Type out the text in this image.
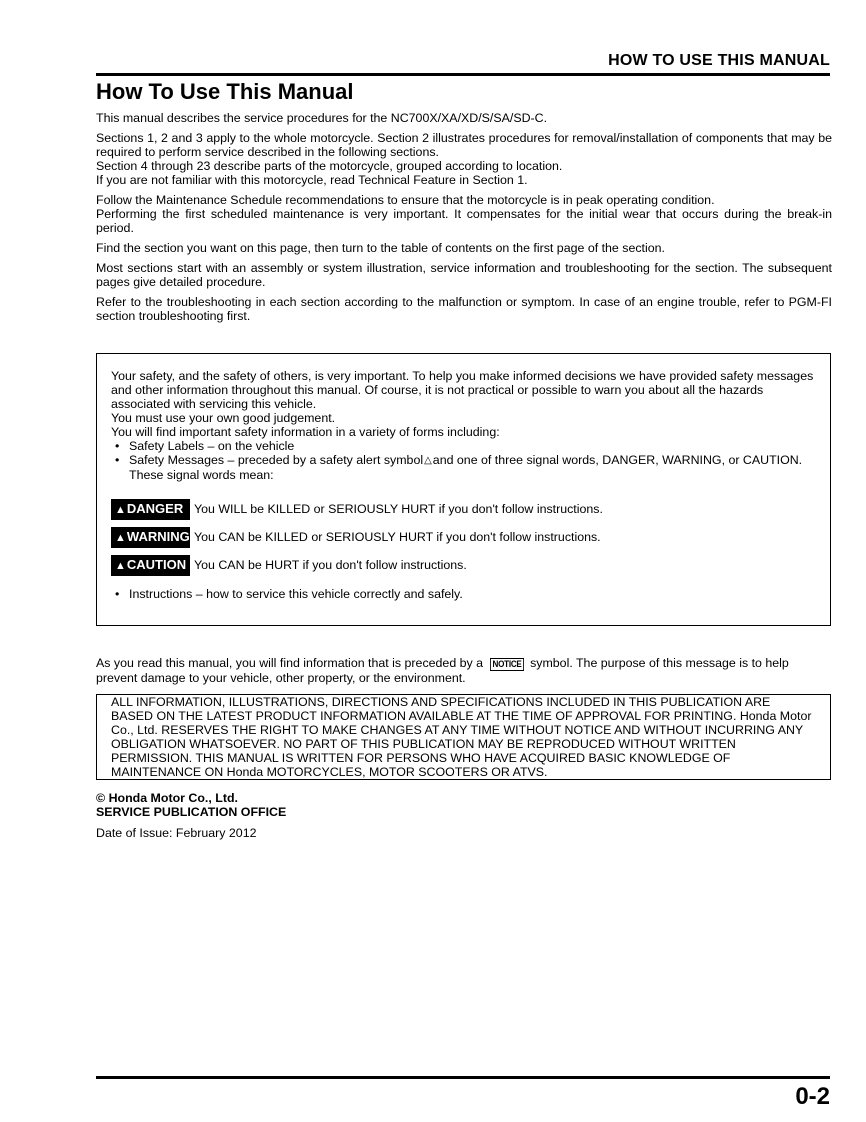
HOW TO USE THIS MANUAL
How To Use This Manual

This manual describes the service procedures for the NC700X/XA/XD/S/SA/SD-C.

Sections 1, 2 and 3 apply to the whole motorcycle. Section 2 illustrates procedures for removal/installation of components that may be required to perform service described in the following sections.
Section 4 through 23 describe parts of the motorcycle, grouped according to location.
If you are not familiar with this motorcycle, read Technical Feature in Section 1.

Follow the Maintenance Schedule recommendations to ensure that the motorcycle is in peak operating condition.
Performing the first scheduled maintenance is very important. It compensates for the initial wear that occurs during the break-in period.

Find the section you want on this page, then turn to the table of contents on the first page of the section.

Most sections start with an assembly or system illustration, service information and troubleshooting for the section. The subsequent pages give detailed procedure.

Refer to the troubleshooting in each section according to the malfunction or symptom. In case of an engine trouble, refer to PGM-FI section troubleshooting first.

Your safety, and the safety of others, is very important. To help you make informed decisions we have provided safety messages and other information throughout this manual. Of course, it is not practical or possible to warn you about all the hazards associated with servicing this vehicle.
You must use your own good judgement.
You will find important safety information in a variety of forms including:
• Safety Labels – on the vehicle
• Safety Messages – preceded by a safety alert symbol△and one of three signal words, DANGER, WARNING, or CAUTION. These signal words mean:
▲DANGER You WILL be KILLED or SERIOUSLY HURT if you don't follow instructions.
▲WARNING You CAN be KILLED or SERIOUSLY HURT if you don't follow instructions.
▲CAUTION You CAN be HURT if you don't follow instructions.
• Instructions – how to service this vehicle correctly and safely.
As you read this manual, you will find information that is preceded by a NOTICE symbol. The purpose of this message is to help prevent damage to your vehicle, other property, or the environment.
ALL INFORMATION, ILLUSTRATIONS, DIRECTIONS AND SPECIFICATIONS INCLUDED IN THIS PUBLICATION ARE BASED ON THE LATEST PRODUCT INFORMATION AVAILABLE AT THE TIME OF APPROVAL FOR PRINTING. Honda Motor Co., Ltd. RESERVES THE RIGHT TO MAKE CHANGES AT ANY TIME WITHOUT NOTICE AND WITHOUT INCURRING ANY OBLIGATION WHATSOEVER. NO PART OF THIS PUBLICATION MAY BE REPRODUCED WITHOUT WRITTEN PERMISSION. THIS MANUAL IS WRITTEN FOR PERSONS WHO HAVE ACQUIRED BASIC KNOWLEDGE OF MAINTENANCE ON Honda MOTORCYCLES, MOTOR SCOOTERS OR ATVS.
© Honda Motor Co., Ltd.
SERVICE PUBLICATION OFFICE
Date of Issue: February 2012
0-2
